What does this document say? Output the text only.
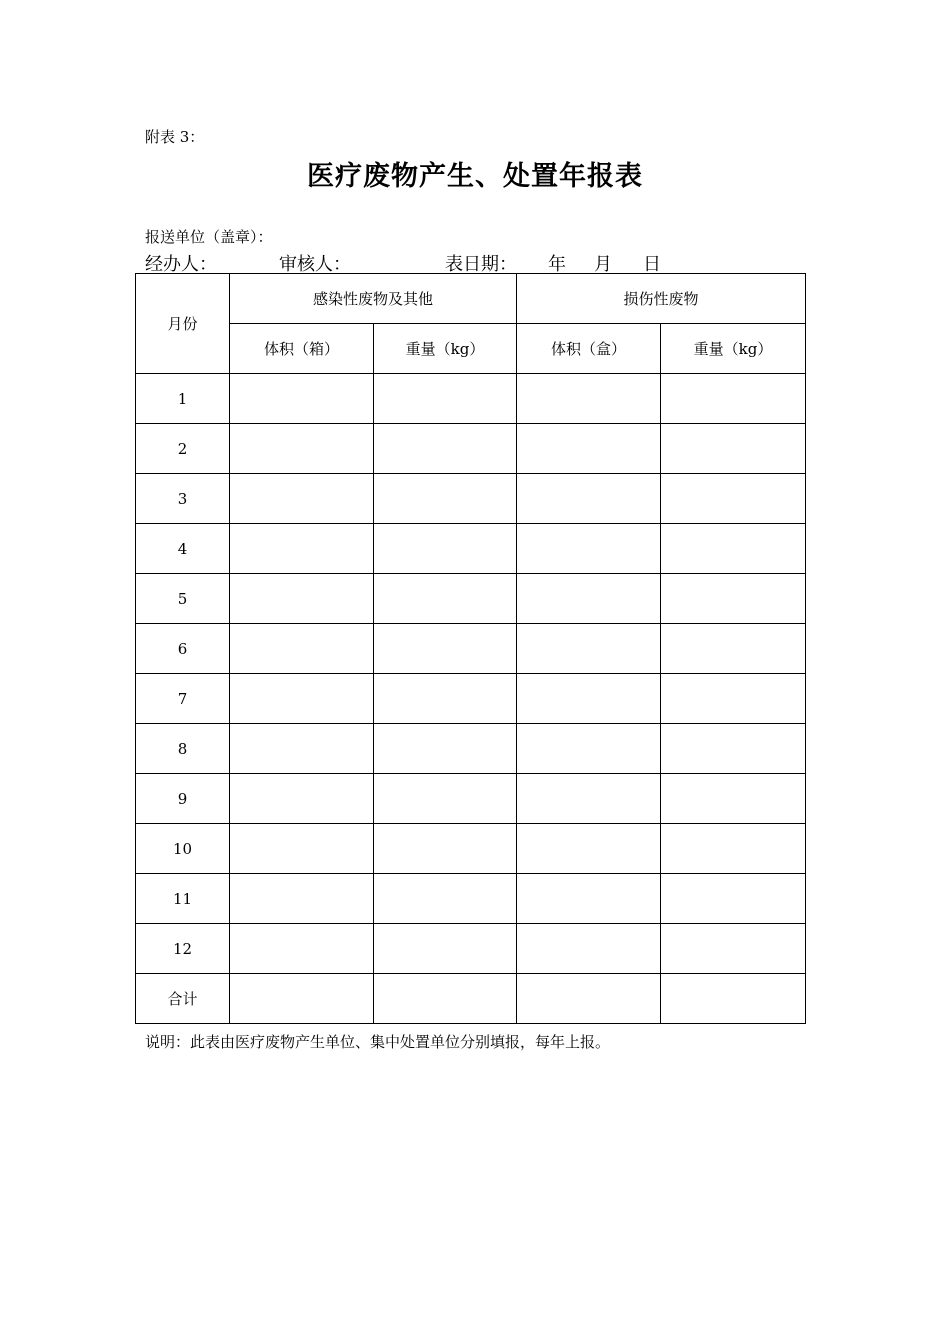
附表 3：
医疗废物产生、处置年报表
报送单位（盖章）：
经办人：	审核人：	表日期： 年 月 日
月份	感染性废物及其他		损伤性废物	
	体积（箱）	重量（kg）	体积（盒）	重量（kg）
1				
2				
3				
4				
5				
6				
7				
8				
9				
10				
11				
12				
合计				
说明：此表由医疗废物产生单位、集中处置单位分别填报，每年上报。
